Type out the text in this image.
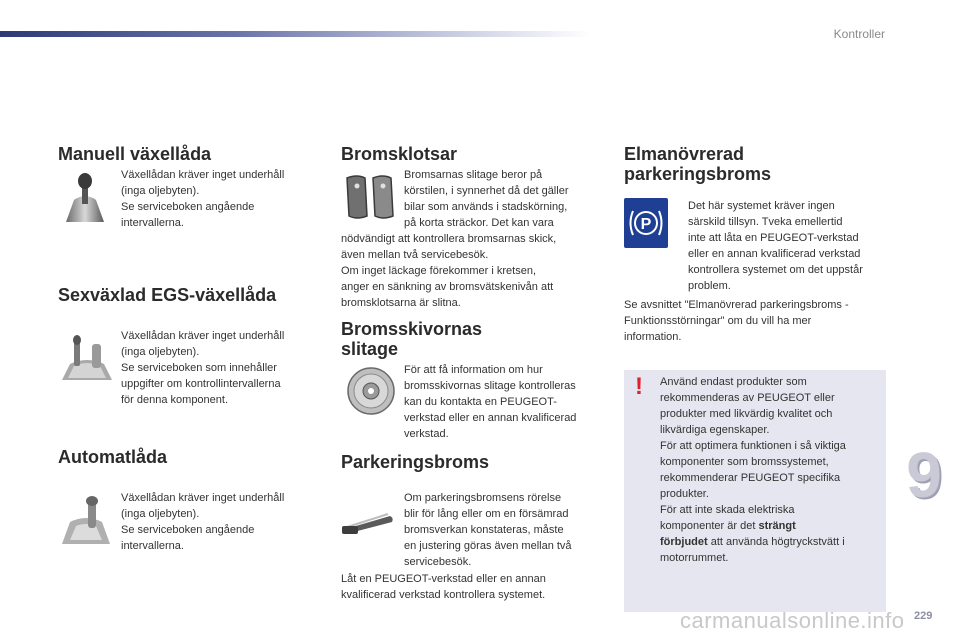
Kontroller
Manuell växellåda

Växellådan kräver inget underhåll

(inga oljebyten).

Se serviceboken angående

intervallerna.

Sexväxlad EGS-växellåda

Växellådan kräver inget underhåll

(inga oljebyten).

Se serviceboken som innehåller

uppgifter om kontrollintervallerna

för denna komponent.

Automatlåda

Växellådan kräver inget underhåll

(inga oljebyten).

Se serviceboken angående

intervallerna.

Bromsklotsar

Bromsarnas slitage beror på

körstilen, i synnerhet då det gäller

bilar som används i stadskörning,

på korta sträckor. Det kan vara

nödvändigt att kontrollera bromsarnas skick,

även mellan två servicebesök.

Om inget läckage förekommer i kretsen,

anger en sänkning av bromsvätskenivån att

bromsklotsarna är slitna.

Bromsskivornas
slitage

För att få information om hur

bromsskivornas slitage kontrolleras

kan du kontakta en PEUGEOT-

verkstad eller en annan kvalificerad

verkstad.

Parkeringsbroms

Om parkeringsbromsens rörelse

blir för lång eller om en försämrad

bromsverkan konstateras, måste

en justering göras även mellan två

servicebesök.

Låt en PEUGEOT-verkstad eller en annan

kvalificerad verkstad kontrollera systemet.

Elmanövrerad
parkeringsbroms
P

Det här systemet kräver ingen

särskild tillsyn. Tveka emellertid

inte att låta en PEUGEOT-verkstad

eller en annan kvalificerad verkstad

kontrollera systemet om det uppstår

problem.

Se avsnittet "Elmanövrerad parkeringsbroms -

Funktionsstörningar" om du vill ha mer

information.

! Använd endast produkter som

rekommenderas av PEUGEOT eller

produkter med likvärdig kvalitet och

likvärdiga egenskaper.

För att optimera funktionen i så viktiga

komponenter som bromssystemet,

rekommenderar PEUGEOT specifika

produkter.

För att inte skada elektriska

komponenter är det strängt

förbjudet att använda högtryckstvätt i

motorrummet.

9
carmanualsonline.info 229
